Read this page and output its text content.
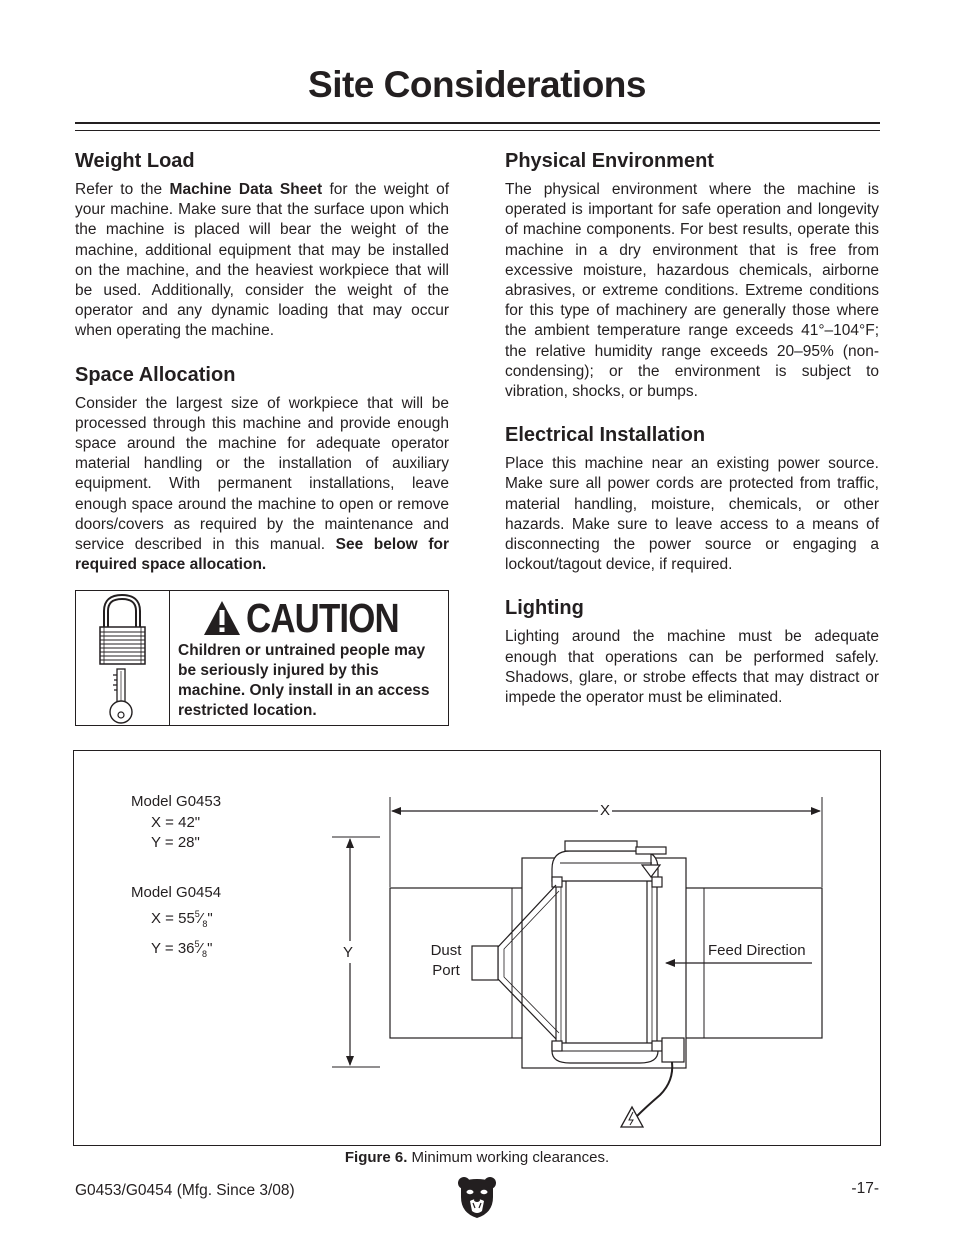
Site Considerations
Weight Load

Refer to the Machine Data Sheet for the weight of your machine. Make sure that the surface upon which the machine is placed will bear the weight of the machine, additional equipment that may be installed on the machine, and the heaviest workpiece that will be used. Additionally, consider the weight of the operator and any dynamic loading that may occur when operating the machine.

Space Allocation

Consider the largest size of workpiece that will be processed through this machine and provide enough space around the machine for adequate operator material handling or the installation of auxiliary equipment. With permanent installations, leave enough space around the machine to open or remove doors/covers as required by the maintenance and service described in this manual. See below for required space allocation.

CAUTION
Children or untrained people may be seriously injured by this machine. Only install in an access restricted location.
Physical Environment

The physical environment where the machine is operated is important for safe operation and longevity of machine components. For best results, operate this machine in a dry environment that is free from excessive moisture, hazardous chemicals, airborne abrasives, or extreme conditions. Extreme conditions for this type of machinery are generally those where the ambient temperature range exceeds 41°–104°F; the relative humidity range exceeds 20–95% (non-condensing); or the environment is subject to vibration, shocks, or bumps.

Electrical Installation

Place this machine near an existing power source. Make sure all power cords are protected from traffic, material handling, moisture, chemicals, or other hazards. Make sure to leave access to a means of disconnecting the power source or engaging a lockout/tagout device, if required.

Lighting

Lighting around the machine must be adequate enough that operations can be performed safely. Shadows, glare, or strobe effects that may distract or impede the operator must be eliminated.

Model G0453
X = 42"
Y = 28"
Model G0454
$X = 55^5⁄_8$"
$Y = 36^5⁄_8$"
X
Y	Dust
Port
Feed Direction
Figure 6. Minimum working clearances.
G0453/G0454 (Mfg. Since 3/08)	-17-
